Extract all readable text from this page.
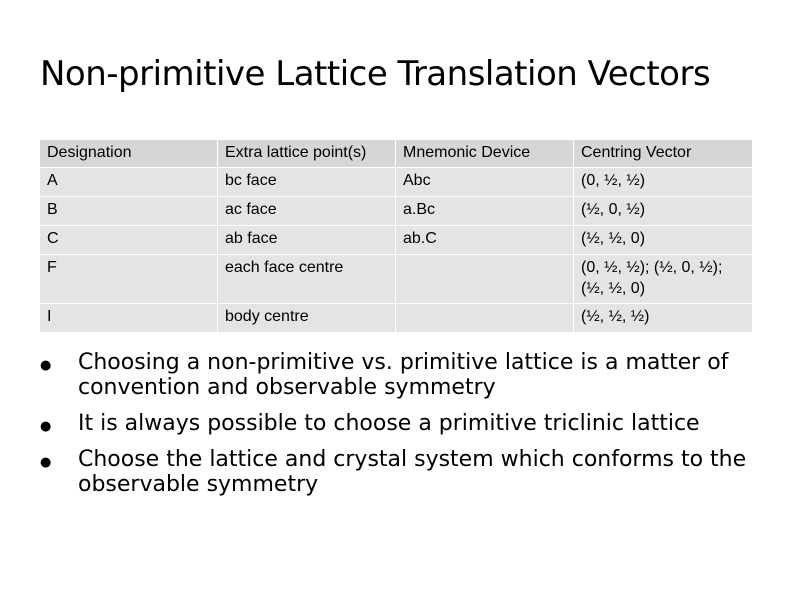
Non-primitive Lattice Translation Vectors
Designation	Extra lattice point(s)	Mnemonic Device	Centring Vector
A	bc face	Abc	(0, ½, ½)
B	ac face	a.Bc	(½, 0, ½)
C	ab face	ab.C	(½, ½, 0)
F	each face centre		(0, ½, ½); (½, 0, ½); (½, ½, 0)
I	body centre		(½, ½, ½)
●	Choosing a non-primitive vs. primitive lattice is a matter of convention and observable symmetry
●	It is always possible to choose a primitive triclinic lattice
●	Choose the lattice and crystal system which conforms to the observable symmetry
